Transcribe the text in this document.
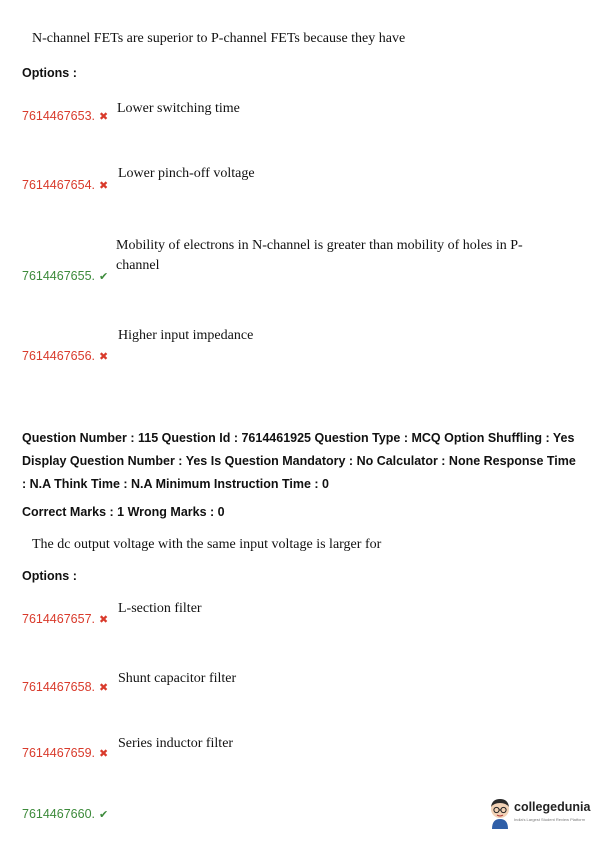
N-channel FETs are superior to P-channel FETs because they have
Options :
Lower switching time
7614467653. ✖
Lower pinch-off voltage
7614467654. ✖
Mobility of electrons in N-channel is greater than mobility of holes in P-channel
7614467655. ✔
Higher input impedance
7614467656. ✖
Question Number : 115 Question Id : 7614461925 Question Type : MCQ Option Shuffling : Yes Display Question Number : Yes Is Question Mandatory : No Calculator : None Response Time : N.A Think Time : N.A Minimum Instruction Time : 0
Correct Marks : 1 Wrong Marks : 0
The dc output voltage with the same input voltage is larger for
Options :
L-section filter
7614467657. ✖
Shunt capacitor filter
7614467658. ✖
Series inductor filter
7614467659. ✖
7614467660. ✔
collegedunia
India's Largest Student Review Platform
